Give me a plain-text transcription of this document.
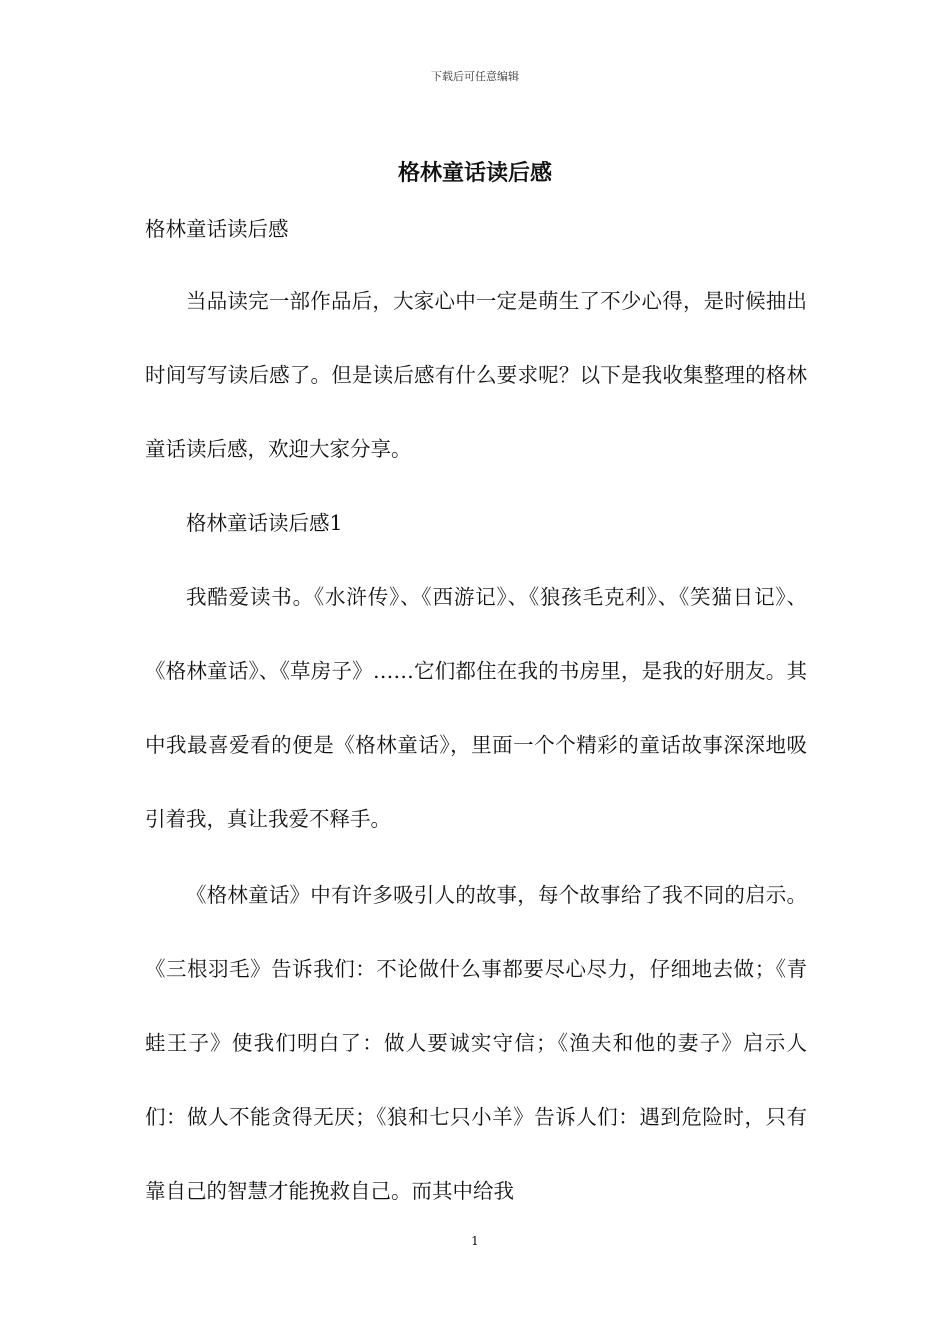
下载后可任意编辑
格林童话读后感
格林童话读后感

当品读完一部作品后，大家心中一定是萌生了不少心得，是时候抽出时间写写读后感了。但是读后感有什么要求呢？以下是我收集整理的格林童话读后感，欢迎大家分享。

格林童话读后感1

我酷爱读书。《水浒传》、《西游记》、《狼孩毛克利》、《笑猫日记》、《格林童话》、《草房子》……它们都住在我的书房里，是我的好朋友。其中我最喜爱看的便是《格林童话》，里面一个个精彩的童话故事深深地吸引着我，真让我爱不释手。

《格林童话》中有许多吸引人的故事，每个故事给了我不同的启示。《三根羽毛》告诉我们：不论做什么事都要尽心尽力，仔细地去做；《青蛙王子》使我们明白了：做人要诚实守信；《渔夫和他的妻子》启示人们：做人不能贪得无厌；《狼和七只小羊》告诉人们：遇到危险时，只有靠自己的智慧才能挽救自己。而其中给我

1
